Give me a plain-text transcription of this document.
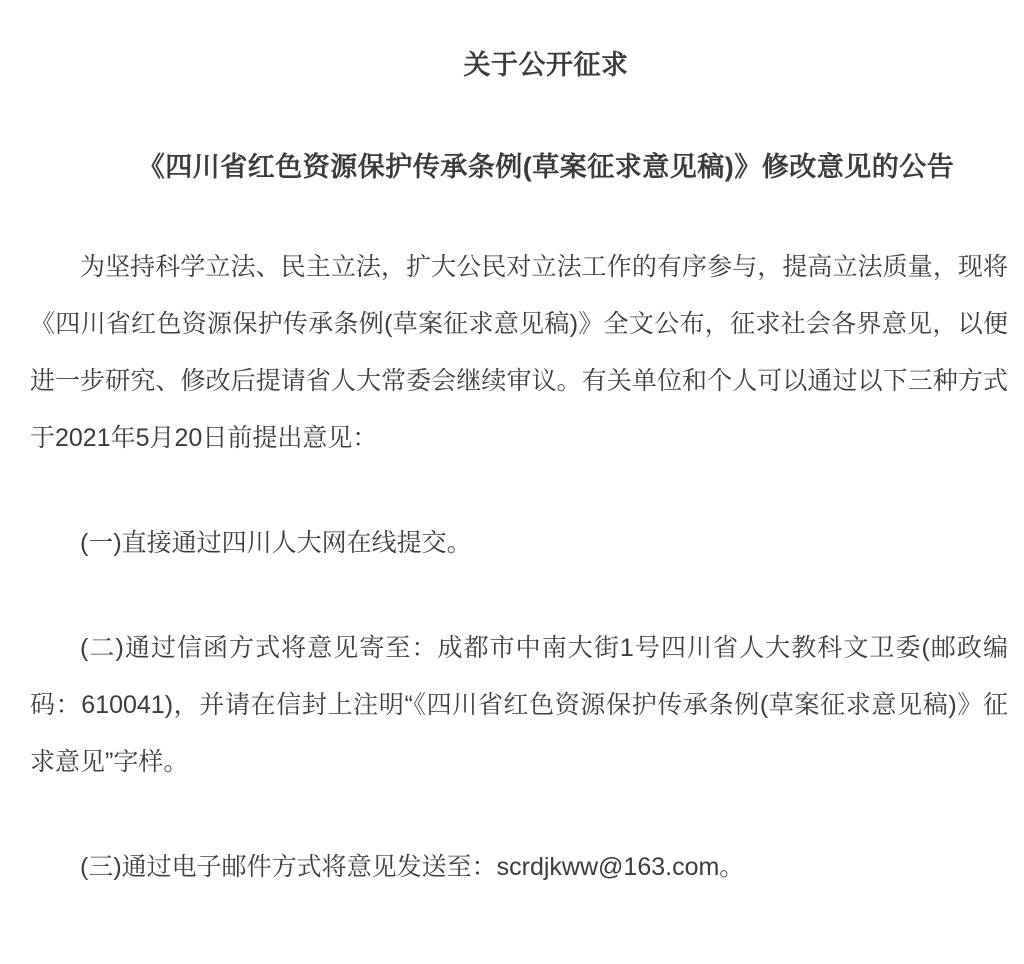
关于公开征求
《四川省红色资源保护传承条例(草案征求意见稿)》修改意见的公告

为坚持科学立法、民主立法，扩大公民对立法工作的有序参与，提高立法质量，现将《四川省红色资源保护传承条例(草案征求意见稿)》全文公布，征求社会各界意见，以便进一步研究、修改后提请省人大常委会继续审议。有关单位和个人可以通过以下三种方式于2021年5月20日前提出意见：

(一)直接通过四川人大网在线提交。

(二)通过信函方式将意见寄至：成都市中南大街1号四川省人大教科文卫委(邮政编码：610041)，并请在信封上注明“《四川省红色资源保护传承条例(草案征求意见稿)》征求意见”字样。

(三)通过电子邮件方式将意见发送至：scrdjkww@163.com。
